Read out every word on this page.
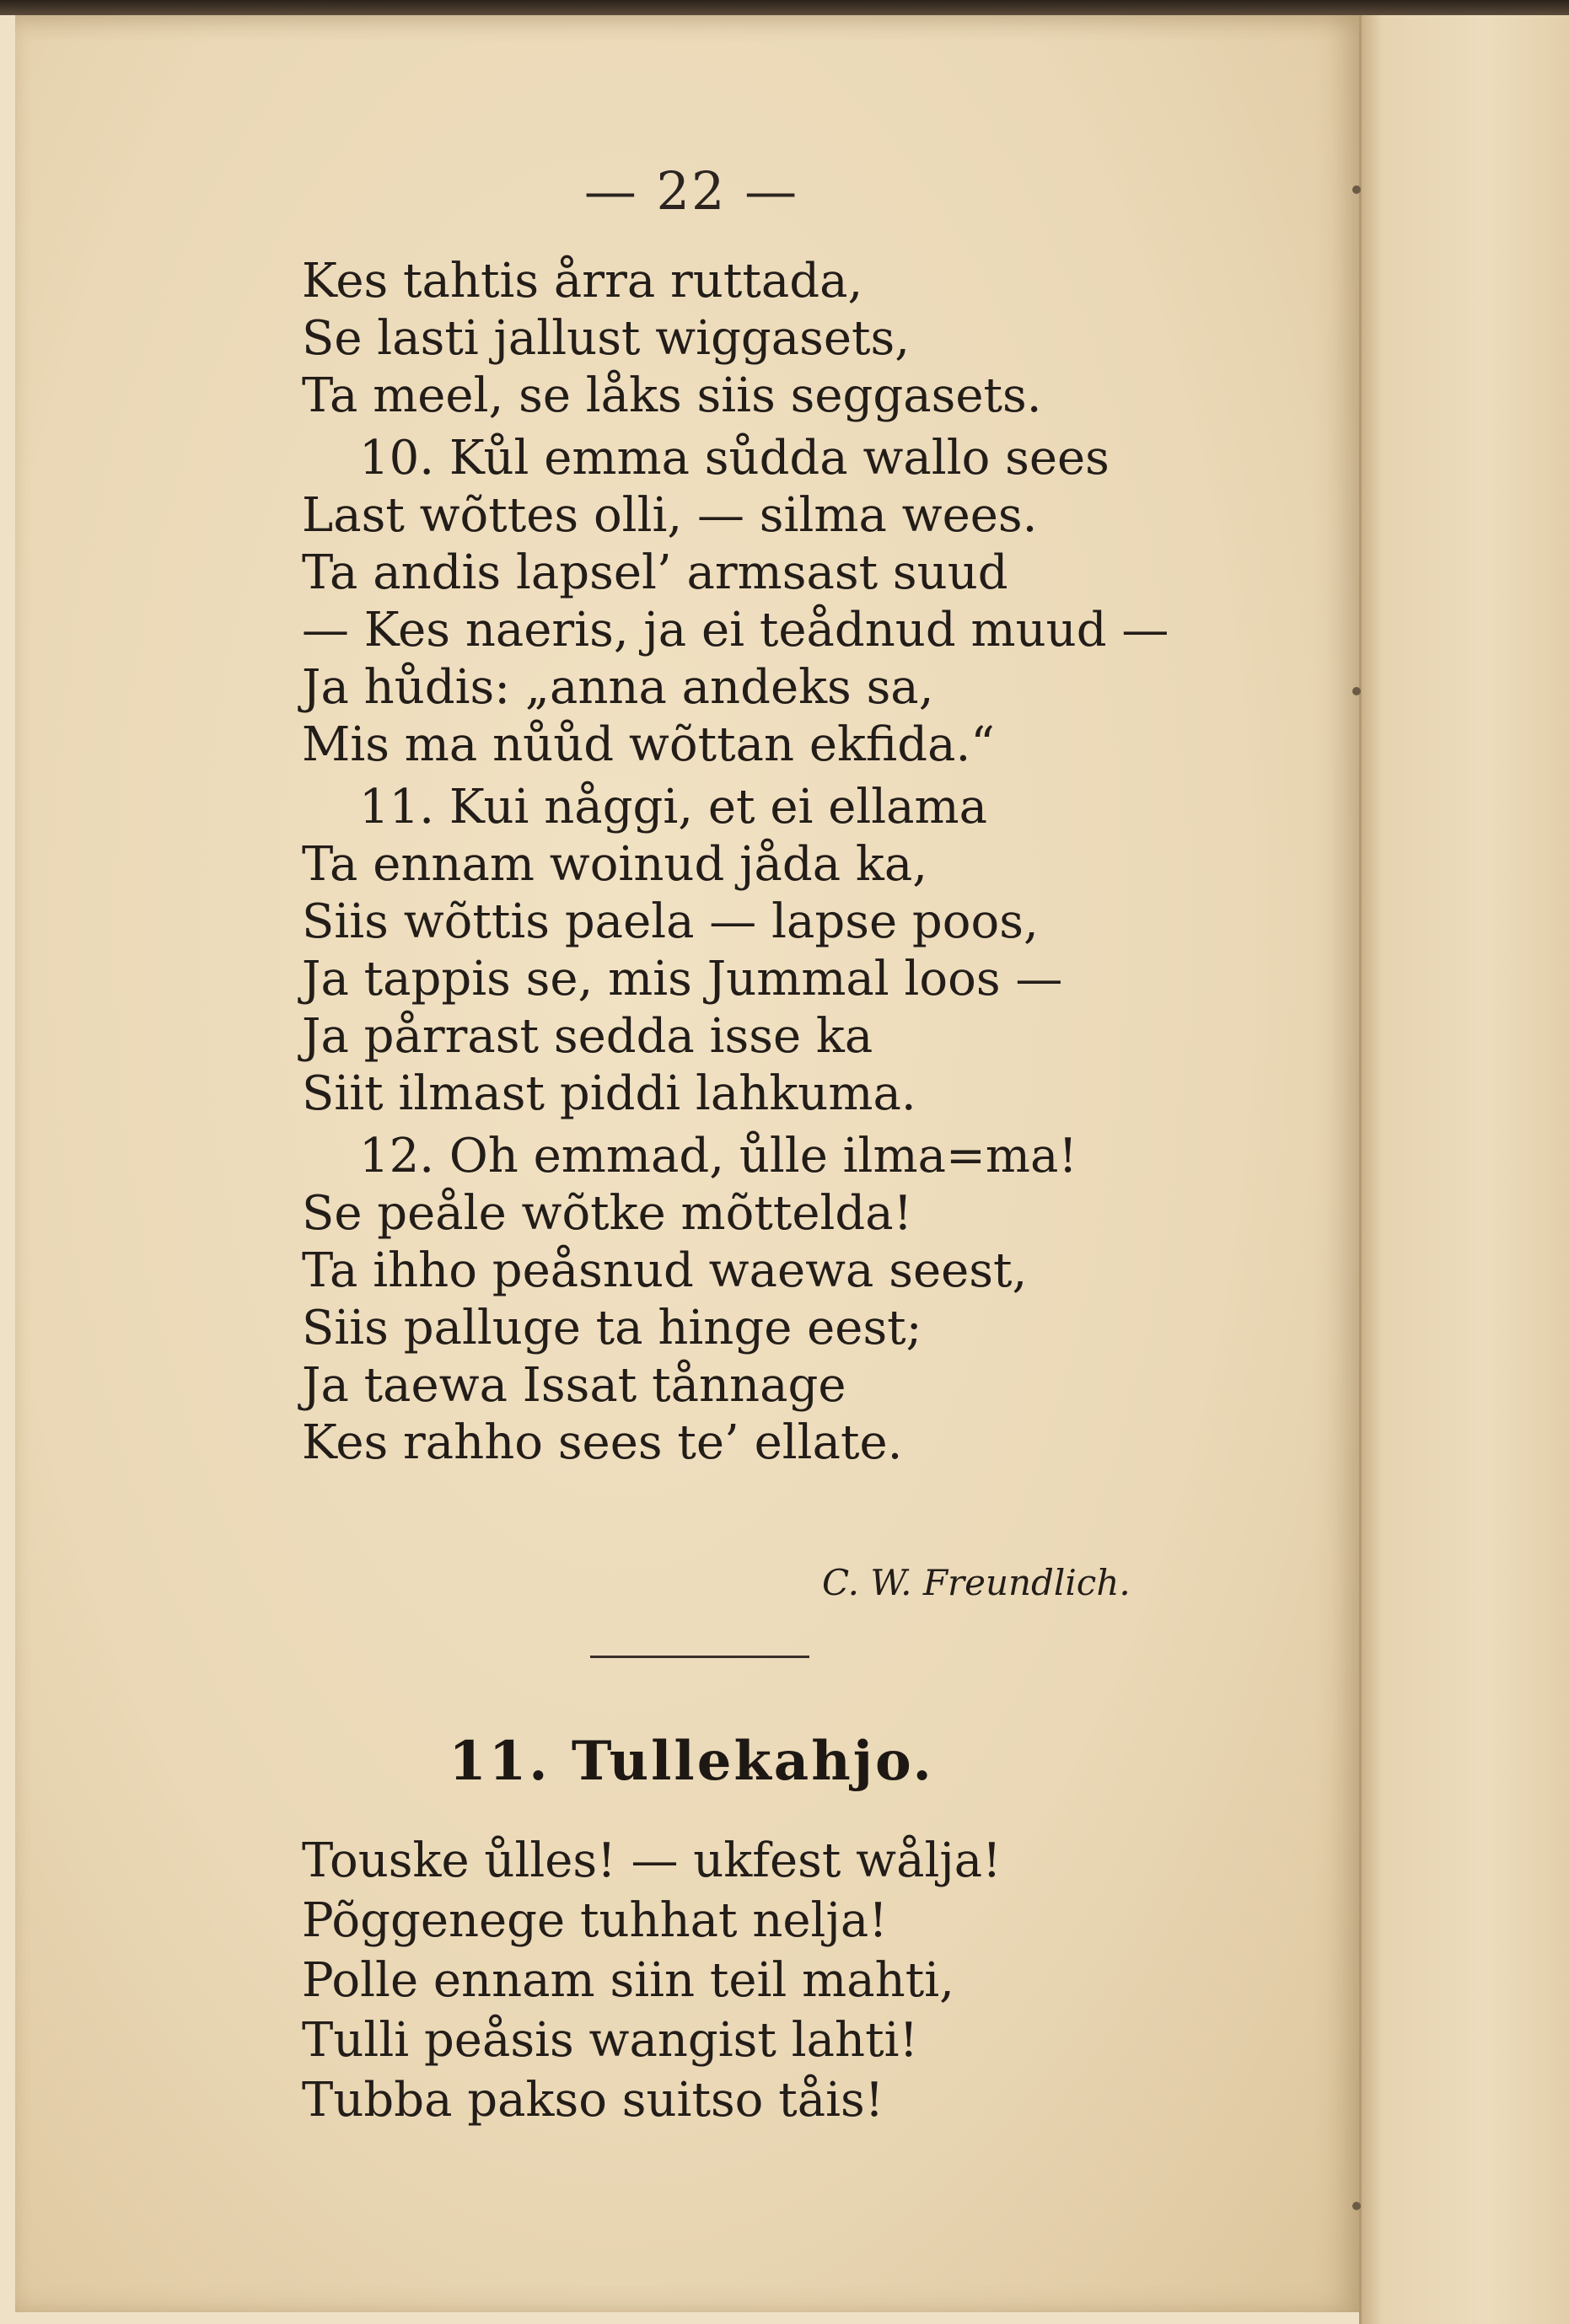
— 22 —
Kes tahtis årra ruttada,
Se lasti jallust wiggasets,
Ta meel, se låks siis seggasets.
10. Kůl emma sůdda wallo sees
Last wõttes olli, — silma wees.
Ta andis lapsel’ armsast suud
— Kes naeris, ja ei teådnud muud —
Ja hůdis: „anna andeks sa,
Mis ma nůůd wõttan ekfida.“
11. Kui någgi, et ei ellama
Ta ennam woinud jåda ka,
Siis wõttis paela — lapse poos,
Ja tappis se, mis Jummal loos —
Ja pårrast sedda isse ka
Siit ilmast piddi lahkuma.
12. Oh emmad, ůlle ilma=ma!
Se peåle wõtke mõttelda!
Ta ihho peåsnud waewa seest,
Siis palluge ta hinge eest;
Ja taewa Issat tånnage
Kes rahho sees te’ ellate.
C. W. Freundlich.
11. Tullekahjo.
Touske ůlles! — ukfest wålja!
Põggenege tuhhat nelja!
Polle ennam siin teil mahti,
Tulli peåsis wangist lahti!
Tubba pakso suitso tåis!
